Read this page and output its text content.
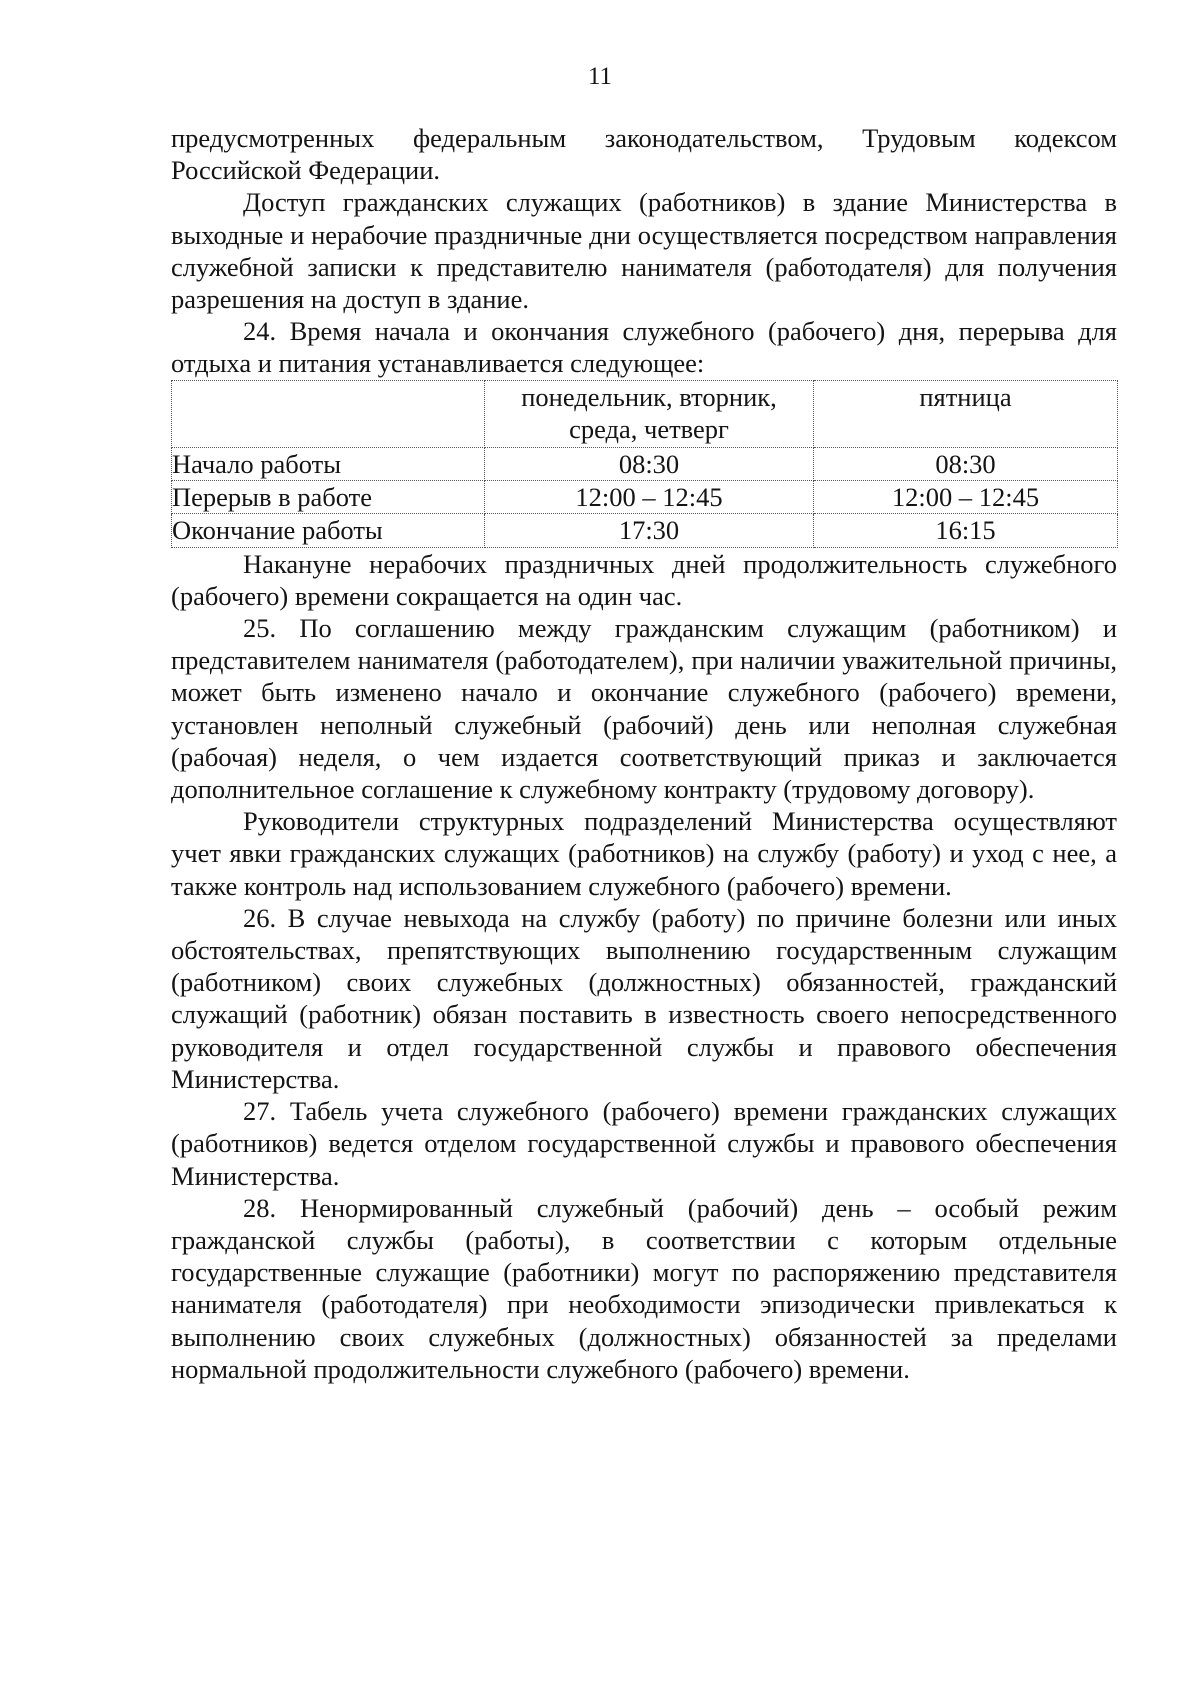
11

предусмотренных федеральным законодательством, Трудовым кодексом Российской Федерации.

Доступ гражданских служащих (работников) в здание Министерства в выходные и нерабочие праздничные дни осуществляется посредством направления служебной записки к представителю нанимателя (работодателя) для получения разрешения на доступ в здание.

24. Время начала и окончания служебного (рабочего) дня, перерыва для отдыха и питания устанавливается следующее:

	понедельник, вторник, среда, четверг	пятница
Начало работы	08:30	08:30
Перерыв в работе	12:00 – 12:45	12:00 – 12:45
Окончание работы	17:30	16:15

Накануне нерабочих праздничных дней продолжительность служебного (рабочего) времени сокращается на один час.

25. По соглашению между гражданским служащим (работником) и представителем нанимателя (работодателем), при наличии уважительной причины, может быть изменено начало и окончание служебного (рабочего) времени, установлен неполный служебный (рабочий) день или неполная служебная (рабочая) неделя, о чем издается соответствующий приказ и заключается дополнительное соглашение к служебному контракту (трудовому договору).

Руководители структурных подразделений Министерства осуществляют учет явки гражданских служащих (работников) на службу (работу) и уход с нее, а также контроль над использованием служебного (рабочего) времени.

26. В случае невыхода на службу (работу) по причине болезни или иных обстоятельствах, препятствующих выполнению государственным служащим (работником) своих служебных (должностных) обязанностей, гражданский служащий (работник) обязан поставить в известность своего непосредственного руководителя и отдел государственной службы и правового обеспечения Министерства.

27. Табель учета служебного (рабочего) времени гражданских служащих (работников) ведется отделом государственной службы и правового обеспечения Министерства.

28. Ненормированный служебный (рабочий) день – особый режим гражданской службы (работы), в соответствии с которым отдельные государственные служащие (работники) могут по распоряжению представителя нанимателя (работодателя) при необходимости эпизодически привлекаться к выполнению своих служебных (должностных) обязанностей за пределами нормальной продолжительности служебного (рабочего) времени.
